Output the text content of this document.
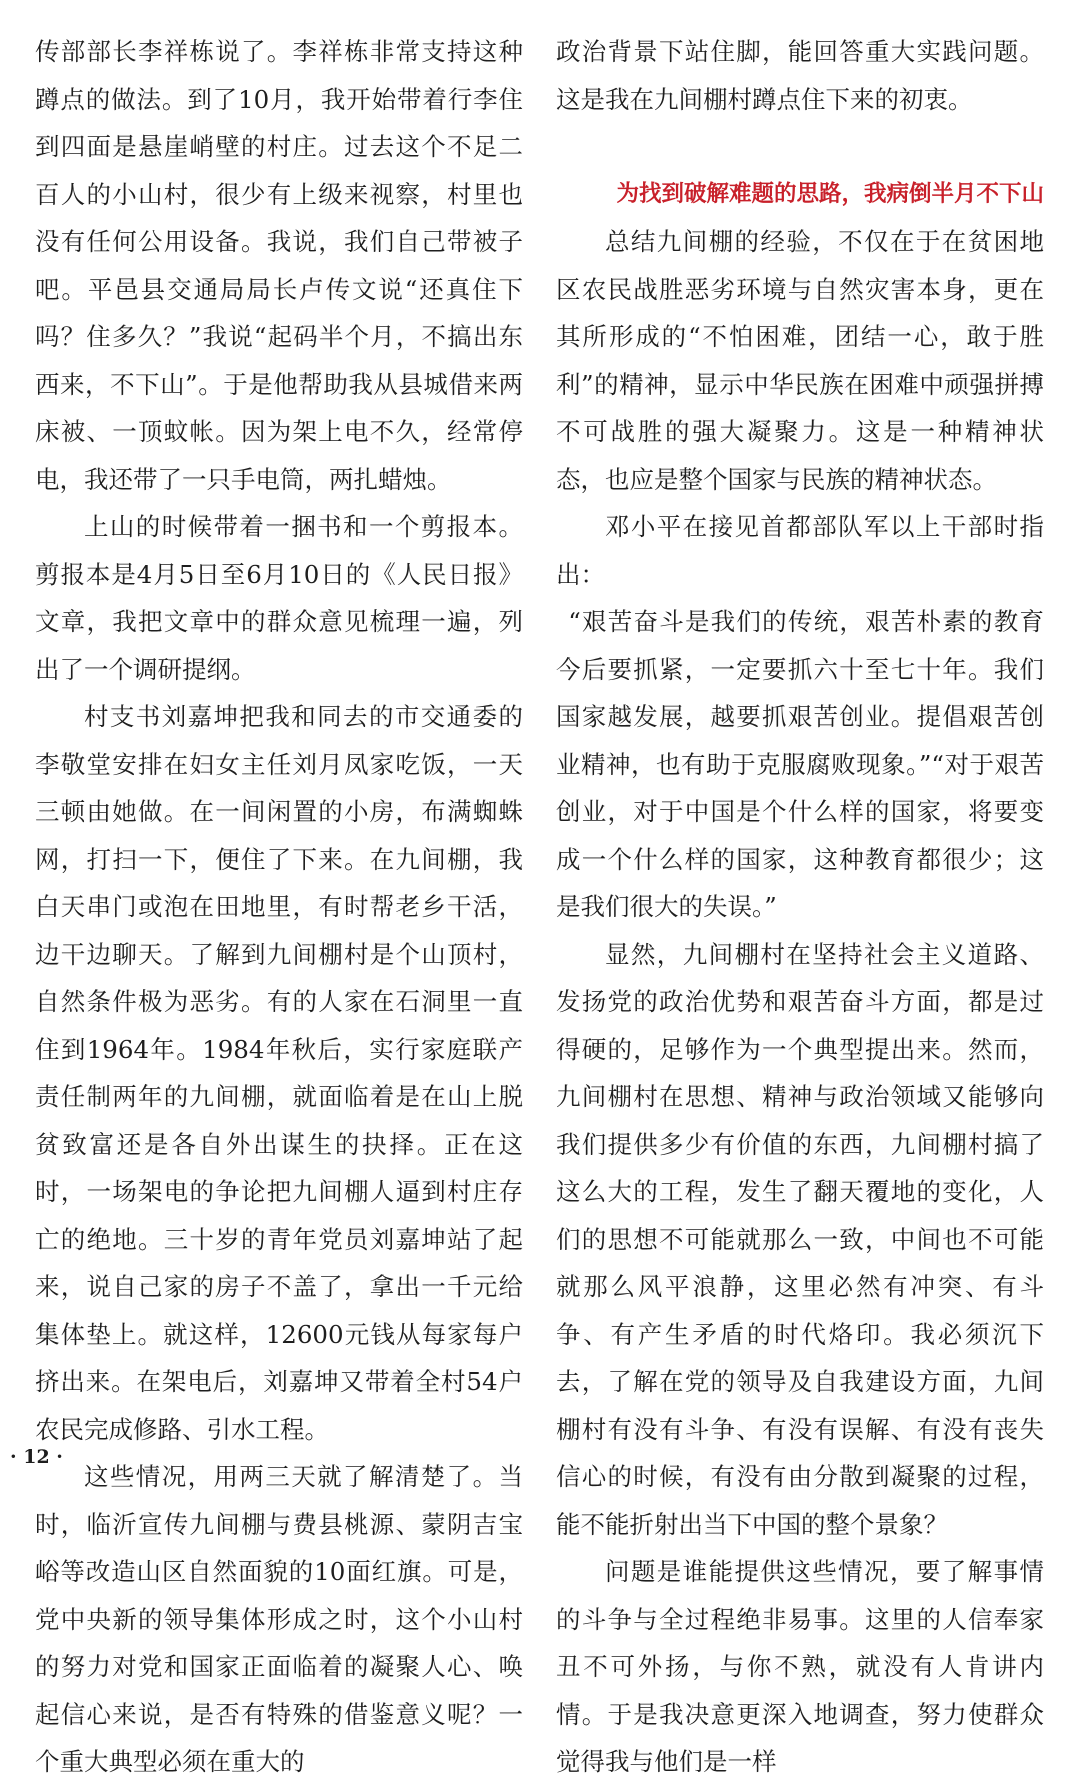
传部部长李祥栋说了。李祥栋非常支持这种蹲点的做法。到了10月，我开始带着行李住到四面是悬崖峭壁的村庄。过去这个不足二百人的小山村，很少有上级来视察，村里也没有任何公用设备。我说，我们自己带被子吧。平邑县交通局局长卢传文说“还真住下吗？住多久？”我说“起码半个月，不搞出东西来，不下山”。于是他帮助我从县城借来两床被、一顶蚊帐。因为架上电不久，经常停电，我还带了一只手电筒，两扎蜡烛。

上山的时候带着一捆书和一个剪报本。剪报本是4月5日至6月10日的《人民日报》文章，我把文章中的群众意见梳理一遍，列出了一个调研提纲。

村支书刘嘉坤把我和同去的市交通委的李敬堂安排在妇女主任刘月凤家吃饭，一天三顿由她做。在一间闲置的小房，布满蜘蛛网，打扫一下，便住了下来。在九间棚，我白天串门或泡在田地里，有时帮老乡干活，边干边聊天。了解到九间棚村是个山顶村，自然条件极为恶劣。有的人家在石洞里一直住到1964年。1984年秋后，实行家庭联产责任制两年的九间棚，就面临着是在山上脱贫致富还是各自外出谋生的抉择。正在这时，一场架电的争论把九间棚人逼到村庄存亡的绝地。三十岁的青年党员刘嘉坤站了起来，说自己家的房子不盖了，拿出一千元给集体垫上。就这样，12600元钱从每家每户挤出来。在架电后，刘嘉坤又带着全村54户农民完成修路、引水工程。

这些情况，用两三天就了解清楚了。当时，临沂宣传九间棚与费县桃源、蒙阴吉宝峪等改造山区自然面貌的10面红旗。可是，党中央新的领导集体形成之时，这个小山村的努力对党和国家正面临着的凝聚人心、唤起信心来说，是否有特殊的借鉴意义呢？一个重大典型必须在重大的

政治背景下站住脚，能回答重大实践问题。这是我在九间棚村蹲点住下来的初衷。

为找到破解难题的思路，我病倒半月不下山

总结九间棚的经验，不仅在于在贫困地区农民战胜恶劣环境与自然灾害本身，更在其所形成的“不怕困难，团结一心，敢于胜利”的精神，显示中华民族在困难中顽强拼搏不可战胜的强大凝聚力。这是一种精神状态，也应是整个国家与民族的精神状态。

邓小平在接见首都部队军以上干部时指出：

“艰苦奋斗是我们的传统，艰苦朴素的教育今后要抓紧，一定要抓六十至七十年。我们国家越发展，越要抓艰苦创业。提倡艰苦创业精神，也有助于克服腐败现象。”“对于艰苦创业，对于中国是个什么样的国家，将要变成一个什么样的国家，这种教育都很少；这是我们很大的失误。”

显然，九间棚村在坚持社会主义道路、发扬党的政治优势和艰苦奋斗方面，都是过得硬的，足够作为一个典型提出来。然而，九间棚村在思想、精神与政治领域又能够向我们提供多少有价值的东西，九间棚村搞了这么大的工程，发生了翻天覆地的变化，人们的思想不可能就那么一致，中间也不可能就那么风平浪静，这里必然有冲突、有斗争、有产生矛盾的时代烙印。我必须沉下去，了解在党的领导及自我建设方面，九间棚村有没有斗争、有没有误解、有没有丧失信心的时候，有没有由分散到凝聚的过程，能不能折射出当下中国的整个景象？

问题是谁能提供这些情况，要了解事情的斗争与全过程绝非易事。这里的人信奉家丑不可外扬，与你不熟，就没有人肯讲内情。于是我决意更深入地调查，努力使群众觉得我与他们是一样

· 12 ·
